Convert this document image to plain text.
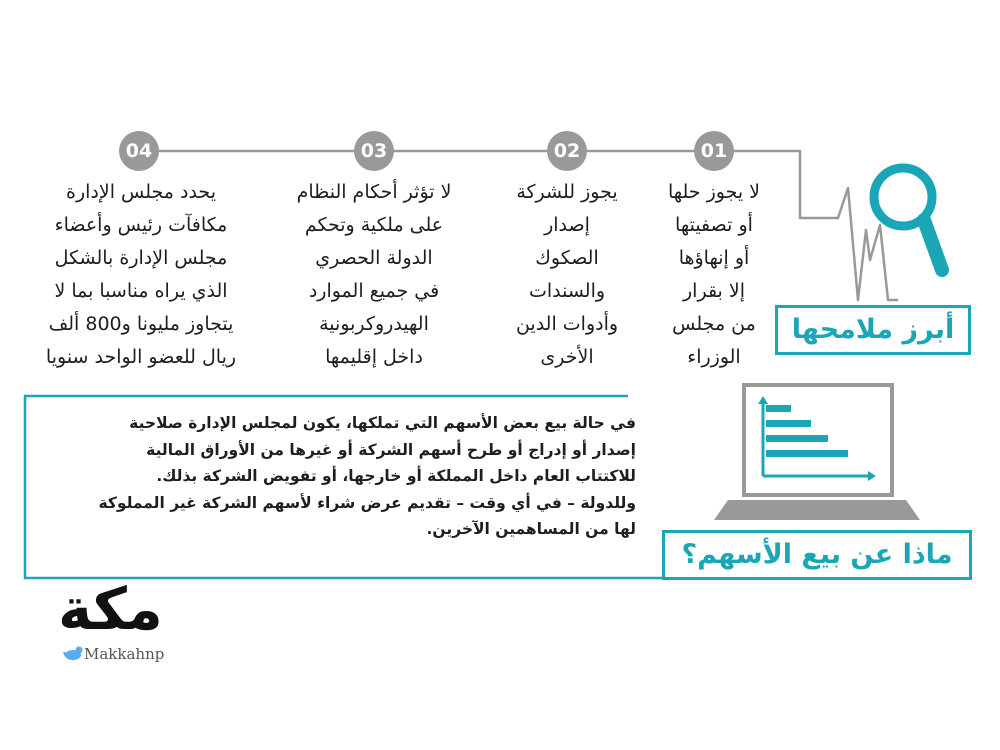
01
02
03
04
لا يجوز حلها
أو تصفيتها
أو إنهاؤها
إلا بقرار
من مجلس
الوزراء
يجوز للشركة
إصدار
الصكوك
والسندات
وأدوات الدين
الأخرى
لا تؤثر أحكام النظام
على ملكية وتحكم
الدولة الحصري
في جميع الموارد
الهيدروكربونية
داخل إقليمها
يحدد مجلس الإدارة
مكافآت رئيس وأعضاء
مجلس الإدارة بالشكل
الذي يراه مناسبا بما لا
يتجاوز مليونا و800 ألف
ريال للعضو الواحد سنويا
أبرز ملامحها
ماذا عن بيع الأسهم؟
في حالة بيع بعض الأسهم التي تملكها، يكون لمجلس الإدارة صلاحية
إصدار أو إدراج أو طرح أسهم الشركة أو غيرها من الأوراق المالية
للاكتتاب العام داخل المملكة أو خارجها، أو تفويض الشركة بذلك.
وللدولة – في أي وقت – تقديم عرض شراء لأسهم الشركة غير المملوكة
لها من المساهمين الآخرين.
مكة
Makkahnp
